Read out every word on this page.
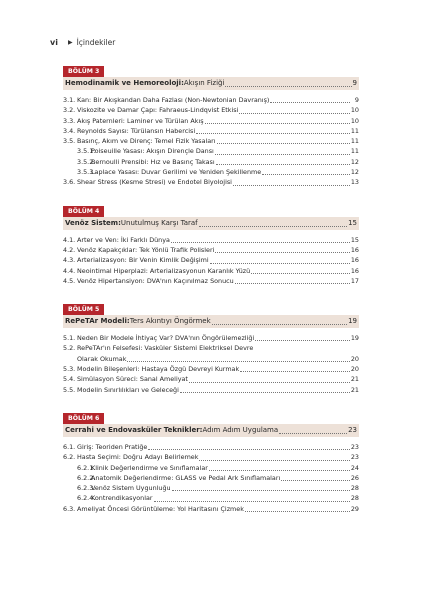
vi ▶ İçindekiler
BÖLÜM 3
Hemodinamik ve Hemoreoloji: Akışın Fiziği	9
3.1. Kan: Bir Akışkandan Daha Fazlası (Non-Newtonian Davranış)	9
3.2. Viskozite ve Damar Çapı: Fahraeus-Lindqvist Etkisi	10
3.3. Akış Paternleri: Laminer ve Türülan Akış	10
3.4. Reynolds Sayısı: Türülansın Habercisi	11
3.5. Basınç, Akım ve Direnç: Temel Fizik Yasaları	11
3.5.1.
Poiseuille Yasası: Akışın Dirençle Dansı	11
3.5.2.
Bernoulli Prensibi: Hız ve Basınç Takası	12
3.5.3.
Laplace Yasası: Duvar Gerilimi ve Yeniden Şekillenme	12
3.6. Shear Stress (Kesme Stresi) ve Endotel Biyolojisi	13
BÖLÜM 4
Venöz Sistem: Unutulmuş Karşı Taraf	15
4.1. Arter ve Ven: İki Farklı Dünya	15
4.2. Venöz Kapakçıklar: Tek Yönlü Trafik Polisleri	16
4.3. Arterializasyon: Bir Venin Kimlik Değişimi	16
4.4. Neointimal Hiperplazi: Arterializasyonun Karanlık Yüzü	16
4.5. Venöz Hipertansiyon: DVA'nın Kaçınılmaz Sonucu	17
BÖLÜM 5
RePeTAr Modeli: Ters Akıntıyı Öngörmek	19
5.1. Neden Bir Modele İhtiyaç Var? DVA'nın Öngörülemezliği	19
5.2. RePeTAr'ın Felsefesi: Vasküler Sistemi Elektriksel Devre
Olarak Okumak	20
5.3. Modelin Bileşenleri: Hastaya Özgü Devreyi Kurmak	20
5.4. Simülasyon Süreci: Sanal Ameliyat	21
5.5. Modelin Sınırlılıkları ve Geleceği	21
BÖLÜM 6
Cerrahi ve Endovasküler Teknikler: Adım Adım Uygulama	23
6.1. Giriş: Teoriden Pratiğe	23
6.2. Hasta Seçimi: Doğru Adayı Belirlemek	23
6.2.1.
Klinik Değerlendirme ve Sınıflamalar	24
6.2.2.
Anatomik Değerlendirme: GLASS ve Pedal Ark Sınıflamaları	26
6.2.3.
Venöz Sistem Uygunluğu	28
6.2.4.
Kontrendikasyonlar	28
6.3. Ameliyat Öncesi Görüntüleme: Yol Haritasını Çizmek	29
